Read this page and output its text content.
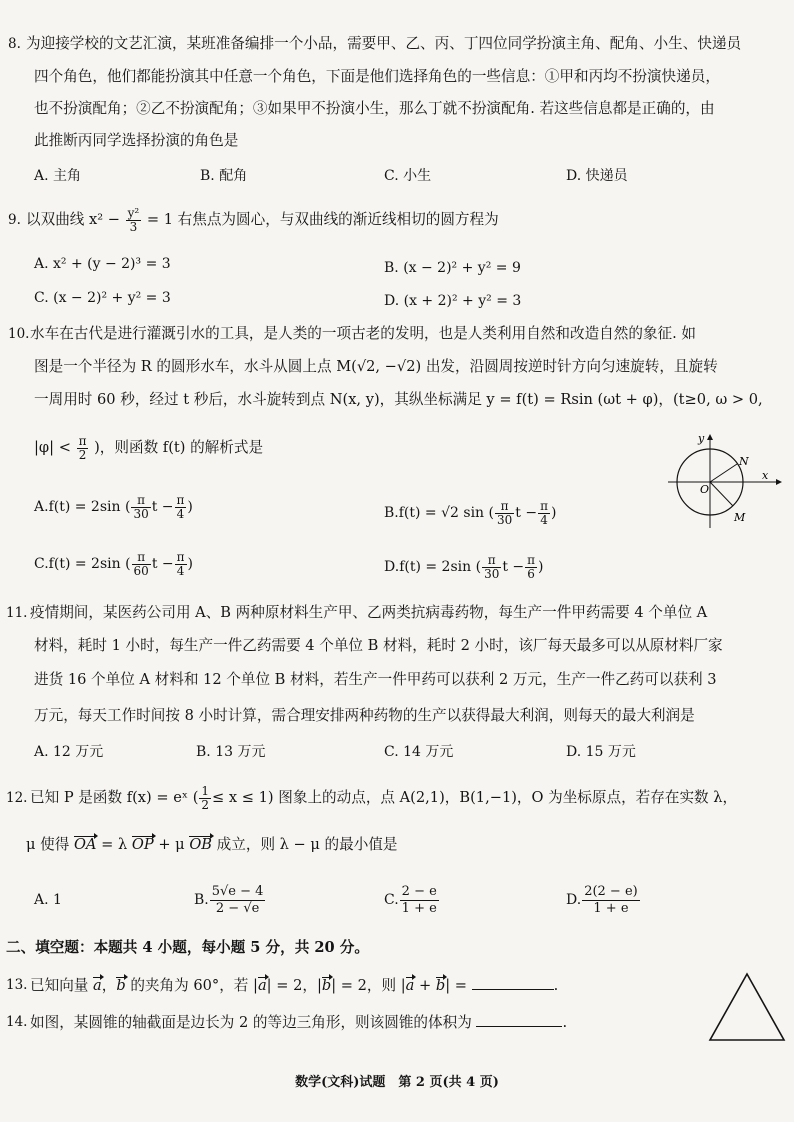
8. 为迎接学校的文艺汇演，某班准备编排一个小品，需要甲、乙、丙、丁四位同学扮演主角、配角、小生、快递员
四个角色，他们都能扮演其中任意一个角色，下面是他们选择角色的一些信息：①甲和丙均不扮演快递员，
也不扮演配角；②乙不扮演配角；③如果甲不扮演小生，那么丁就不扮演配角. 若这些信息都是正确的，由
此推断丙同学选择扮演的角色是
A. 主角	B. 配角	C. 小生	D. 快递员
9. 以双曲线 $x^2 - \frac{\text{y²}}{3} = 1$ 右焦点为圆心，与双曲线的渐近线相切的圆方程为
A. x² + (y − 2)³ = 3	B. (x − 2)² + y² = 9
C. (x − 2)² + y² = 3	D. (x + 2)² + y² = 3
10. 水车在古代是进行灌溉引水的工具，是人类的一项古老的发明，也是人类利用自然和改造自然的象征. 如
图是一个半径为 R 的圆形水车，水斗从圆上点 M(√2, −√2) 出发，沿圆周按逆时针方向匀速旋转，且旋转
一周用时 60 秒，经过 t 秒后，水斗旋转到点 N(x, y)，其纵坐标满足 y = f(t) = Rsin (ωt + φ)，(t≥0, ω > 0,
$|\varphi| < \frac{\pi}{2}$ )，则函数 f(t) 的解析式是
A.f(t) = 2sin ( $\frac{\pi}{30}$ $t - \frac{\pi}{4}$ )	B.f(t) = √2 sin ( $\frac{\pi}{30}$ $t - \frac{\pi}{4}$ )
C.f(t) = 2sin ( $\frac{\pi}{60}$ $t - \frac{\pi}{4}$ )	D.f(t) = 2sin ( $\frac{\pi}{30}$ $t - \frac{\pi}{6}$ )
y
x
O
N
M
11. 疫情期间，某医药公司用 A、B 两种原材料生产甲、乙两类抗病毒药物，每生产一件甲药需要 4 个单位 A
材料，耗时 1 小时，每生产一件乙药需要 4 个单位 B 材料，耗时 2 小时，该厂每天最多可以从原材料厂家
进货 16 个单位 A 材料和 12 个单位 B 材料，若生产一件甲药可以获利 2 万元，生产一件乙药可以获利 3
万元，每天工作时间按 8 小时计算，需合理安排两种药物的生产以获得最大利润，则每天的最大利润是
A. 12 万元	B. 13 万元	C. 14 万元	D. 15 万元
12. 已知 P 是函数 f(x) = eˣ ( $\frac{1}{2} \le x \le 1$) 图象上的动点，点 A(2,1)，B(1,−1)，O 为坐标原点，若存在实数 λ，
μ 使得 OA = λ OP + μ OB 成立，则 λ − μ 的最小值是
A. 1	B. $\frac{5√e - 4}{2 - √e}$	C. $\frac{2 - e}{1 + e}$	D. $\frac{2(2 - e)}{1 + e}$
二、填空题：本题共 4 小题，每小题 5 分，共 20 分。
13. 已知向量 a，b 的夹角为 60°，若 |a| = 2，|b| = 2，则 |a + b| =	.
14. 如图，某圆锥的轴截面是边长为 2 的等边三角形，则该圆锥的体积为	.
数学(文科)试题　第 2 页(共 4 页)
